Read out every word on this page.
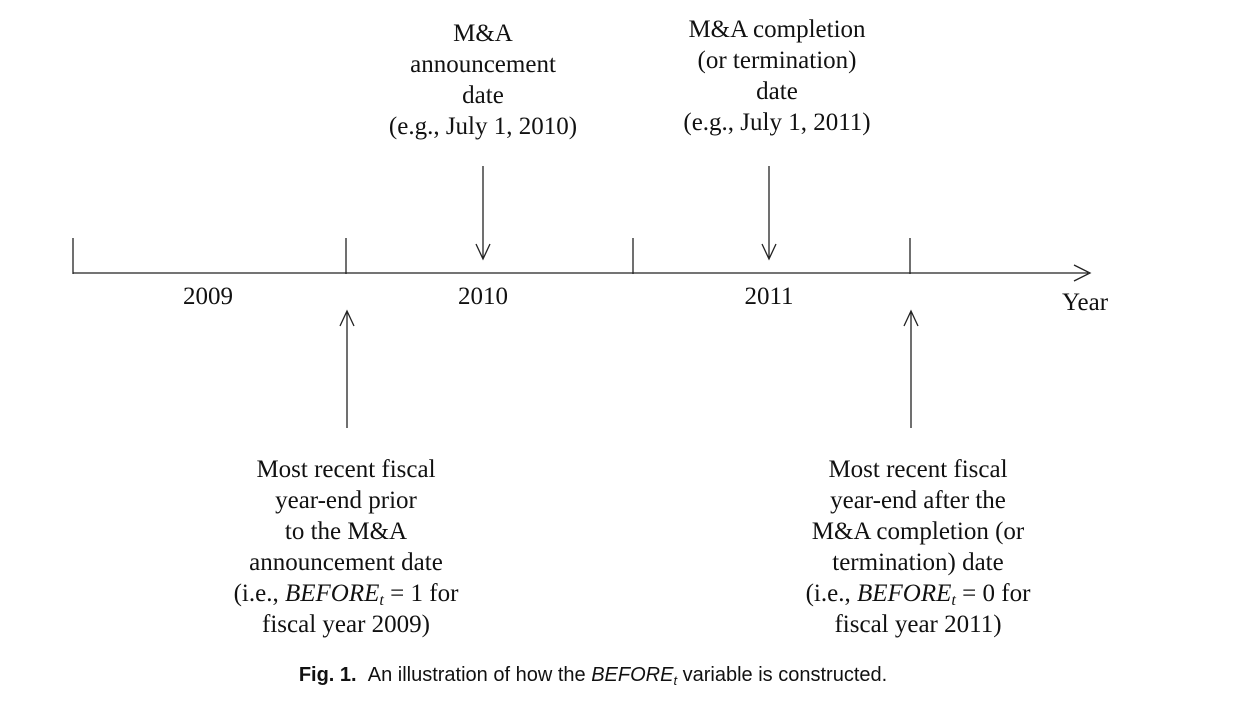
M&A
announcement
date
(e.g., July 1, 2010)
M&A completion
(or termination)
date
(e.g., July 1, 2011)
2009	2010	2011	Year
Most recent fiscal
year-end prior
to the M&A
announcement date
(i.e., $BEFORE_t = 1$ for
fiscal year 2009)
Most recent fiscal
year-end after the
M&A completion (or
termination) date
(i.e., $BEFORE_t = 0$ for
fiscal year 2011)
Fig. 1. An illustration of how the $BEFORE_t$ variable is constructed.
